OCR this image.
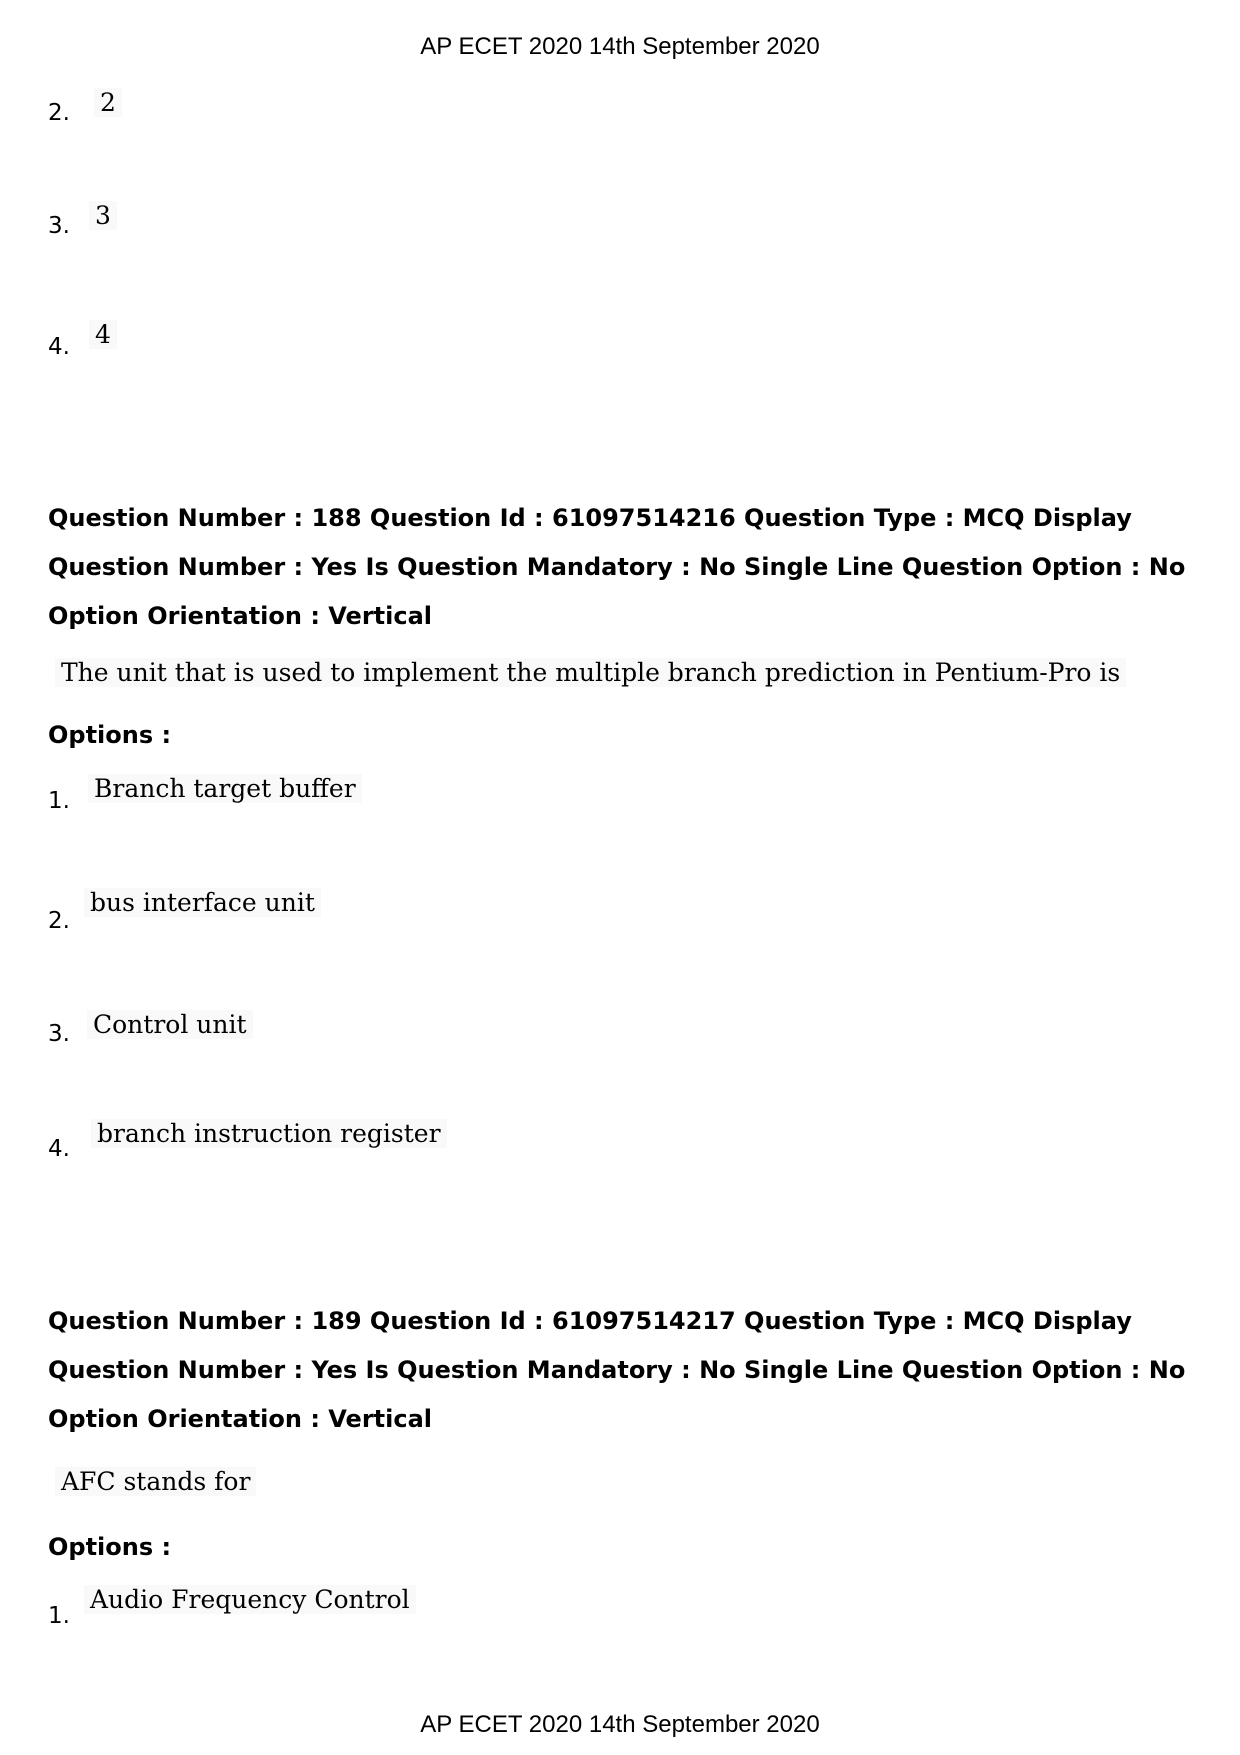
AP ECET 2020 14th September 2020
2. 2
3. 3
4. 4
Question Number : 188 Question Id : 61097514216 Question Type : MCQ Display Question Number : Yes Is Question Mandatory : No Single Line Question Option : No Option Orientation : Vertical
The unit that is used to implement the multiple branch prediction in Pentium-Pro is
Options :
1. Branch target buffer
2.
bus interface unit
3. Control unit
4.
branch instruction register
Question Number : 189 Question Id : 61097514217 Question Type : MCQ Display Question Number : Yes Is Question Mandatory : No Single Line Question Option : No Option Orientation : Vertical
AFC stands for
Options :
1.
Audio Frequency Control
AP ECET 2020 14th September 2020
